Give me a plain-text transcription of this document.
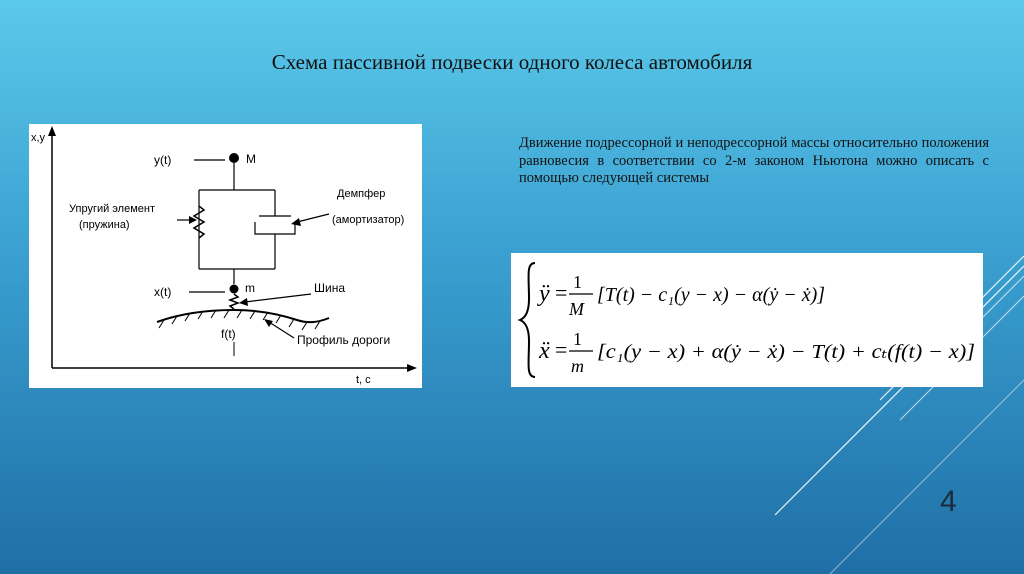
Схема пассивной подвески одного колеса автомобиля
x,y
t, с
y(t)	M
Упругий элемент
(пружина)
Демпфер
(амортизатор)
x(t)	m	Шина
f(t)	Профиль дороги

Движение подрессорной и неподрессорной массы относительно положения равновесия в соответствии со 2-м законом Ньютона можно описать с помощью следующей системы

ÿ = 1
M
[T(t) − c₁(y − x) − α(ẏ − ẋ)]
ẍ = 1
m
[c₁(y − x) + α(ẏ − ẋ) − T(t) + cₜ(f(t) − x)]
4
